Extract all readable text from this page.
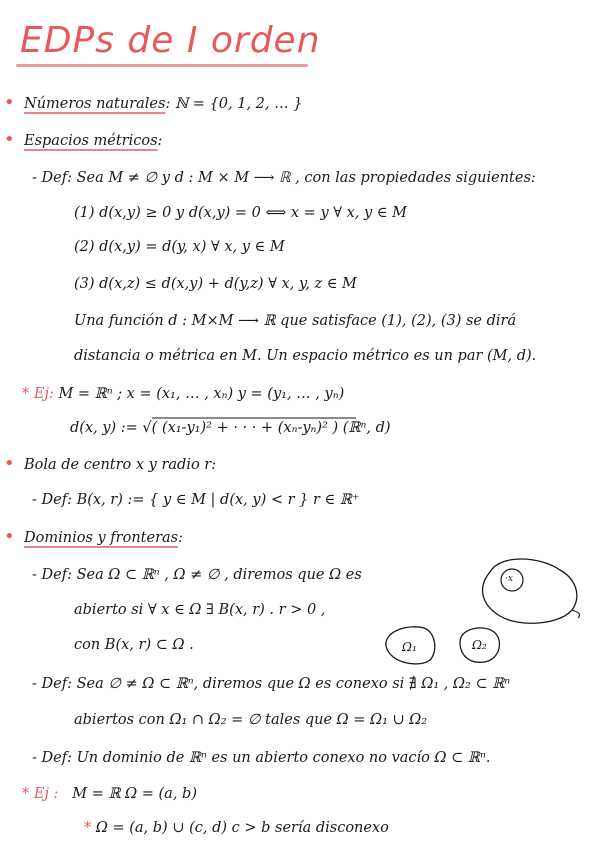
EDPs de I orden
• Números naturales: ℕ = {0, 1, 2, … }
• Espacios métricos:
- Def: Sea M ≠ ∅ y d : M × M ⟶ ℝ , con las propiedades siguientes:
(1) d(x,y) ≥ 0 y d(x,y) = 0 ⟺ x = y ∀ x, y ∈ M
(2) d(x,y) = d(y, x) ∀ x, y ∈ M
(3) d(x,z) ≤ d(x,y) + d(y,z) ∀ x, y, z ∈ M
Una función d : M×M ⟶ ℝ que satisface (1), (2), (3) se dirá
distancia o métrica en M. Un espacio métrico es un par (M, d).
* Ej: M = ℝⁿ ; x = (x₁, … , xₙ) y = (y₁, … , yₙ)
d(x, y) := √( (x₁-y₁)² + · · · + (xₙ-yₙ)² ) (ℝⁿ, d)
• Bola de centro x y radio r:
- Def: B(x, r) := { y ∈ M | d(x, y) < r } r ∈ ℝ⁺
• Dominios y fronteras:
- Def: Sea Ω ⊂ ℝⁿ , Ω ≠ ∅ , diremos que Ω es
abierto si ∀ x ∈ Ω ∃ B(x, r) . r > 0 ,
con B(x, r) ⊂ Ω .
- Def: Sea ∅ ≠ Ω ⊂ ℝⁿ, diremos que Ω es conexo si ∄ Ω₁ , Ω₂ ⊂ ℝⁿ
abiertos con Ω₁ ∩ Ω₂ = ∅ tales que Ω = Ω₁ ∪ Ω₂
- Def: Un dominio de ℝⁿ es un abierto conexo no vacío Ω ⊂ ℝⁿ.
* Ej : M = ℝ Ω = (a, b)
* Ω = (a, b) ∪ (c, d) c > b sería disconexo
·x
Ω₁	Ω₂
